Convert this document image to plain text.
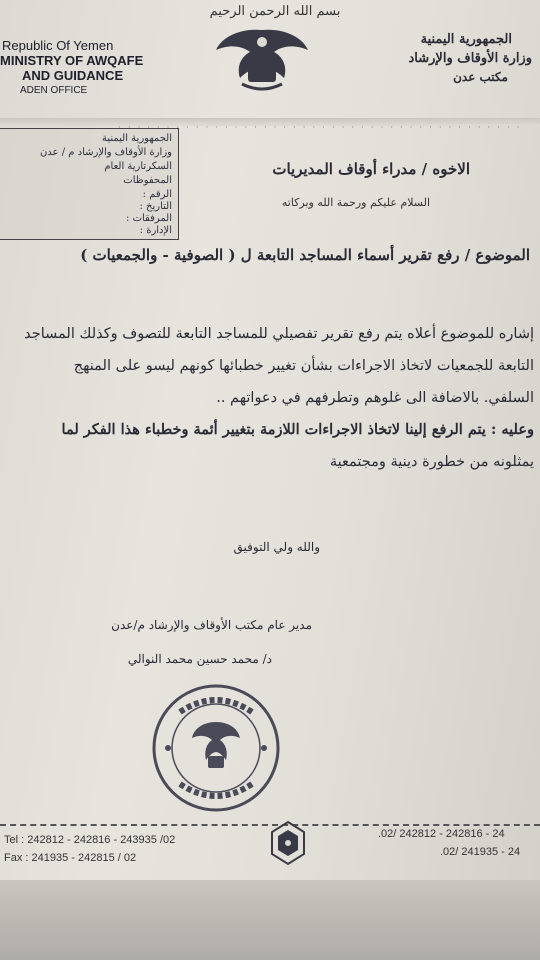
بسم الله الرحمن الرحيم
Republic Of Yemen
MINISTRY OF AWQAFE
AND GUIDANCE
ADEN OFFICE
الجمهورية اليمنية
وزارة الأوقاف والإرشاد
مكتب عدن
· · · · · · · · · · · · · · · · · · · · · · · · · · · · · · · · · · · · · · · · · ·
الجمهورية اليمنية
وزارة الأوقاف والإرشاد م / عدن
السكرتارية العام
المحفوظات
الرقم :
التاريخ :
المرفقات :
الإدارة :
الاخوه / مدراء أوقاف المديريات
السلام عليكم ورحمة الله وبركاته
الموضوع / رفع تقرير أسماء المساجد التابعة ل ( الصوفية - والجمعيات )
إشاره للموضوع أعلاه يتم رفع تقرير تفصيلي للمساجد التابعة للتصوف وكذلك المساجد
التابعة للجمعيات لاتخاذ الاجراءات بشأن تغيير خطبائها كونهم ليسو على المنهج
السلفي. بالاضافة الى غلوهم وتطرفهم في دعواتهم ..
وعليه : يتم الرفع إلينا لاتخاذ الاجراءات اللازمة بتغيير أئمة وخطباء هذا الفكر لما
يمثلونه من خطورة دينية ومجتمعية
والله ولي التوفيق
مدير عام مكتب الأوقاف والإرشاد م/عدن
د/ محمد حسين محمد النوالي
Tel : 242812 - 242816 - 243935 /02
Fax : 241935 - 242815 / 02
.02/ 242812 - 242816 - 24
.02/ 241935 - 24
